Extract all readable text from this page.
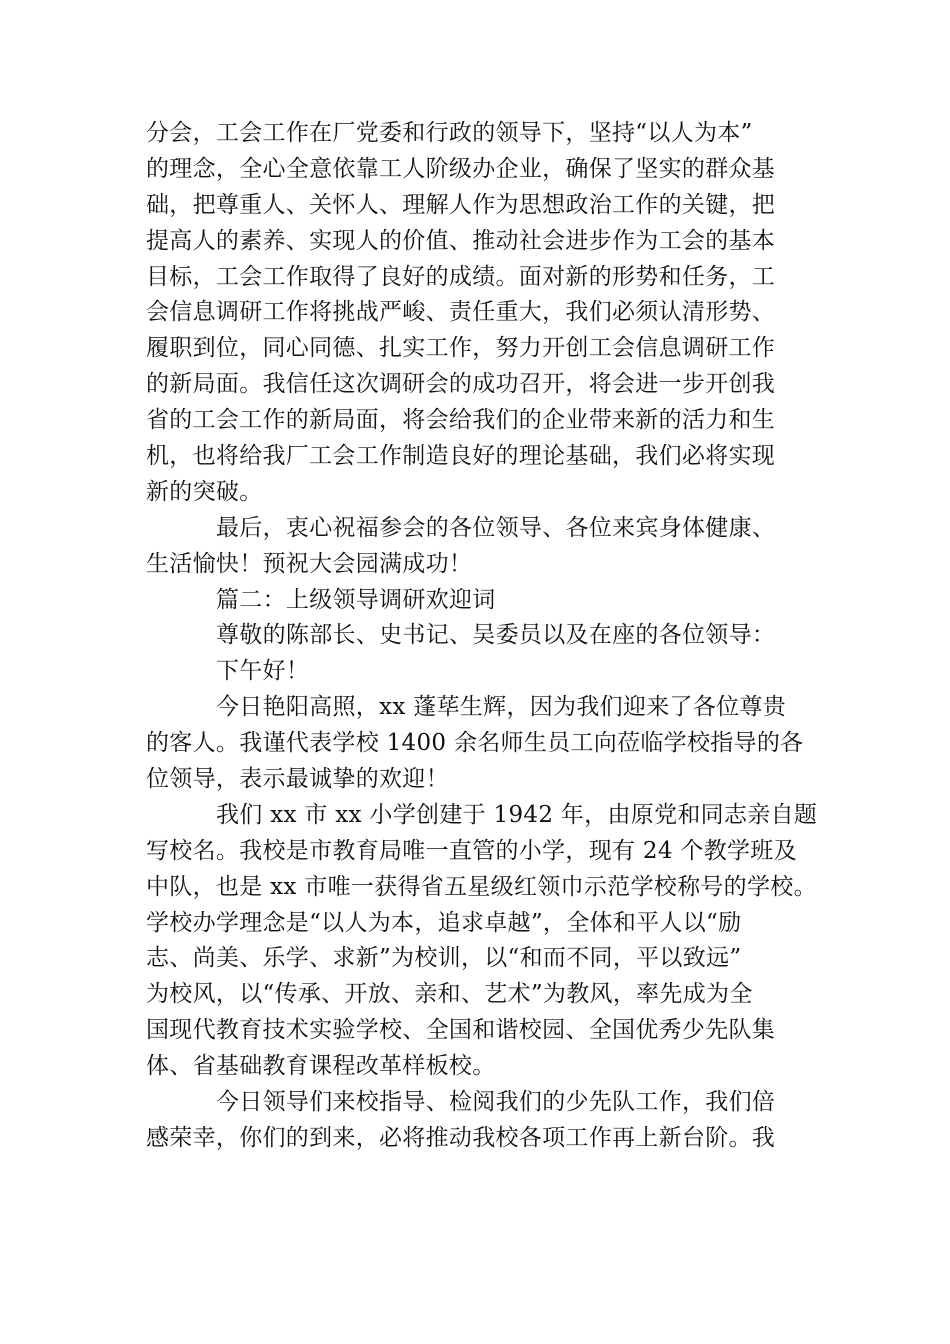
分会，工会工作在厂党委和行政的领导下，坚持“以人为本”
的理念，全心全意依靠工人阶级办企业，确保了坚实的群众基
础，把尊重人、关怀人、理解人作为思想政治工作的关键，把
提高人的素养、实现人的价值、推动社会进步作为工会的基本
目标，工会工作取得了良好的成绩。面对新的形势和任务，工
会信息调研工作将挑战严峻、责任重大，我们必须认清形势、
履职到位，同心同德、扎实工作，努力开创工会信息调研工作
的新局面。我信任这次调研会的成功召开，将会进一步开创我
省的工会工作的新局面，将会给我们的企业带来新的活力和生
机，也将给我厂工会工作制造良好的理论基础，我们必将实现
新的突破。
最后，衷心祝福参会的各位领导、各位来宾身体健康、
生活愉快！预祝大会园满成功！
篇二：上级领导调研欢迎词
尊敬的陈部长、史书记、吴委员以及在座的各位领导：
下午好！
今日艳阳高照，xx 蓬荜生辉，因为我们迎来了各位尊贵
的客人。我谨代表学校 1400 余名师生员工向莅临学校指导的各
位领导，表示最诚挚的欢迎！
我们 xx 市 xx 小学创建于 1942 年，由原党和同志亲自题
写校名。我校是市教育局唯一直管的小学，现有 24 个教学班及
中队，也是 xx 市唯一获得省五星级红领巾示范学校称号的学校。
学校办学理念是“以人为本，追求卓越”，全体和平人以“励
志、尚美、乐学、求新”为校训，以“和而不同，平以致远”
为校风，以“传承、开放、亲和、艺术”为教风，率先成为全
国现代教育技术实验学校、全国和谐校园、全国优秀少先队集
体、省基础教育课程改革样板校。
今日领导们来校指导、检阅我们的少先队工作，我们倍
感荣幸，你们的到来，必将推动我校各项工作再上新台阶。我
